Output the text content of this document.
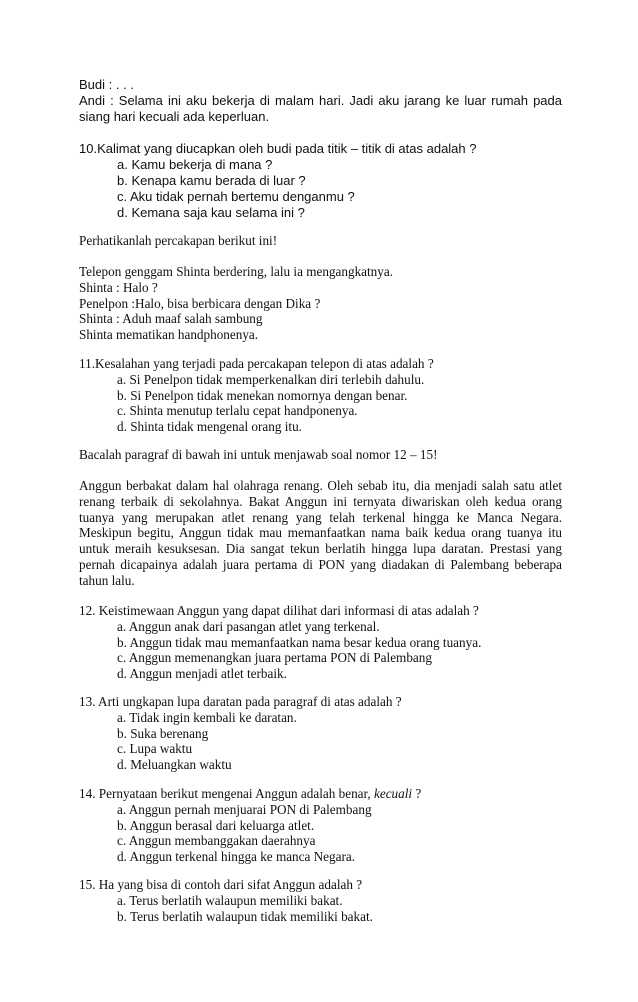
Budi : . . .
Andi : Selama ini aku bekerja di malam hari. Jadi aku jarang ke luar rumah pada siang hari kecuali ada keperluan.
10.Kalimat yang diucapkan oleh budi pada titik – titik di atas adalah ?
a. Kamu bekerja di mana ?
b. Kenapa kamu berada di luar ?
c. Aku tidak pernah bertemu denganmu ?
d. Kemana saja kau selama ini ?
Perhatikanlah percakapan berikut ini!
Telepon genggam Shinta berdering, lalu ia mengangkatnya.
Shinta : Halo ?
Penelpon :Halo, bisa berbicara dengan Dika ?
Shinta : Aduh maaf salah sambung
Shinta mematikan handphonenya.
11.Kesalahan yang terjadi pada percakapan telepon di atas adalah ?
a. Si Penelpon tidak memperkenalkan diri terlebih dahulu.
b. Si Penelpon tidak menekan nomornya dengan benar.
c. Shinta menutup terlalu cepat handponenya.
d. Shinta tidak mengenal orang itu.
Bacalah paragraf di bawah ini untuk menjawab soal nomor 12 – 15!
Anggun berbakat dalam hal olahraga renang. Oleh sebab itu, dia menjadi salah satu atlet renang terbaik di sekolahnya. Bakat Anggun ini ternyata diwariskan oleh kedua orang tuanya yang merupakan atlet renang yang telah terkenal hingga ke Manca Negara. Meskipun begitu, Anggun tidak mau memanfaatkan nama baik kedua orang tuanya itu untuk meraih kesuksesan. Dia sangat tekun berlatih hingga lupa daratan. Prestasi yang pernah dicapainya adalah juara pertama di PON yang diadakan di Palembang beberapa tahun lalu.
12. Keistimewaan Anggun yang dapat dilihat dari informasi di atas adalah ?
a. Anggun anak dari pasangan atlet yang terkenal.
b. Anggun tidak mau memanfaatkan nama besar kedua orang tuanya.
c. Anggun memenangkan juara pertama PON di Palembang
d. Anggun menjadi atlet terbaik.
13. Arti ungkapan lupa daratan pada paragraf di atas adalah ?
a. Tidak ingin kembali ke daratan.
b. Suka berenang
c. Lupa waktu
d. Meluangkan waktu
14. Pernyataan berikut mengenai Anggun adalah benar, kecuali ?
a. Anggun pernah menjuarai PON di Palembang
b. Anggun berasal dari keluarga atlet.
c. Anggun membanggakan daerahnya
d. Anggun terkenal hingga ke manca Negara.
15. Ha yang bisa di contoh dari sifat Anggun adalah ?
a. Terus berlatih walaupun memiliki bakat.
b. Terus berlatih walaupun tidak memiliki bakat.
